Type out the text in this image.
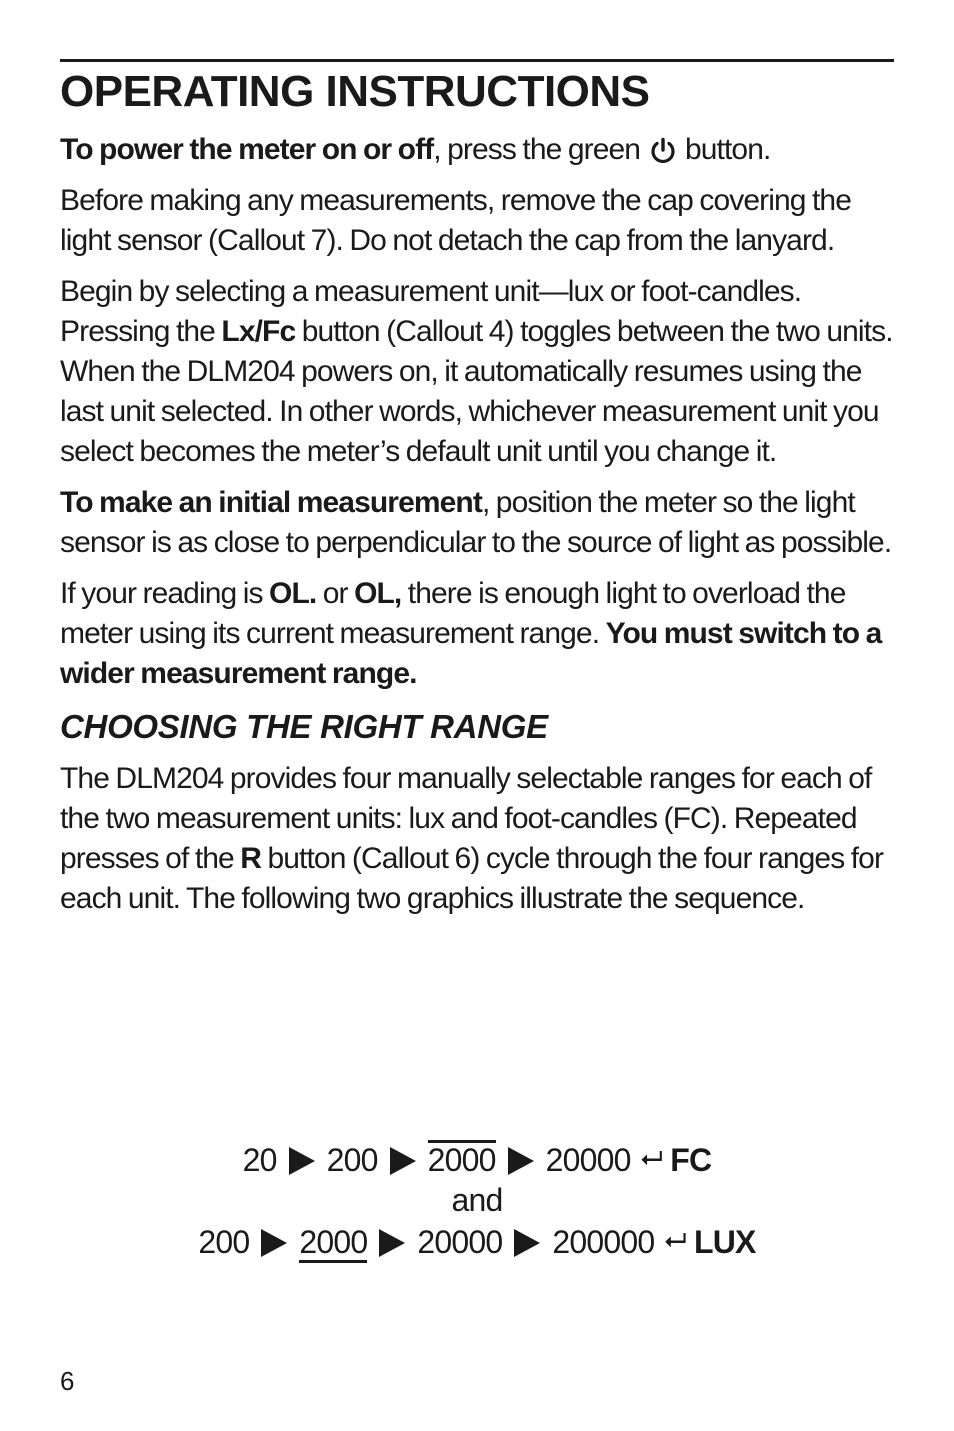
OPERATING INSTRUCTIONS

To power the meter on or off, press the green  button.

Before making any measurements, remove the cap covering the light sensor (Callout 7). Do not detach the cap from the lanyard.

Begin by selecting a measurement unit—lux or foot-candles. Pressing the Lx/Fc button (Callout 4) toggles between the two units. When the DLM204 powers on, it automatically resumes using the last unit selected. In other words, whichever measurement unit you select becomes the meter’s default unit until you change it.

To make an initial measurement, position the meter so the light sensor is as close to perpendicular to the source of light as possible.

If your reading is OL. or OL, there is enough light to overload the meter using its current measurement range. You must switch to a wider measurement range.

CHOOSING THE RIGHT RANGE

The DLM204 provides four manually selectable ranges for each of the two measurement units: lux and foot-candles (FC). Repeated presses of the R button (Callout 6) cycle through the four ranges for each unit. The following two graphics illustrate the sequence.

20 200 2000 20000 ⮠ FC
and
200 2000 20000 200000 ⮠ LUX
6
